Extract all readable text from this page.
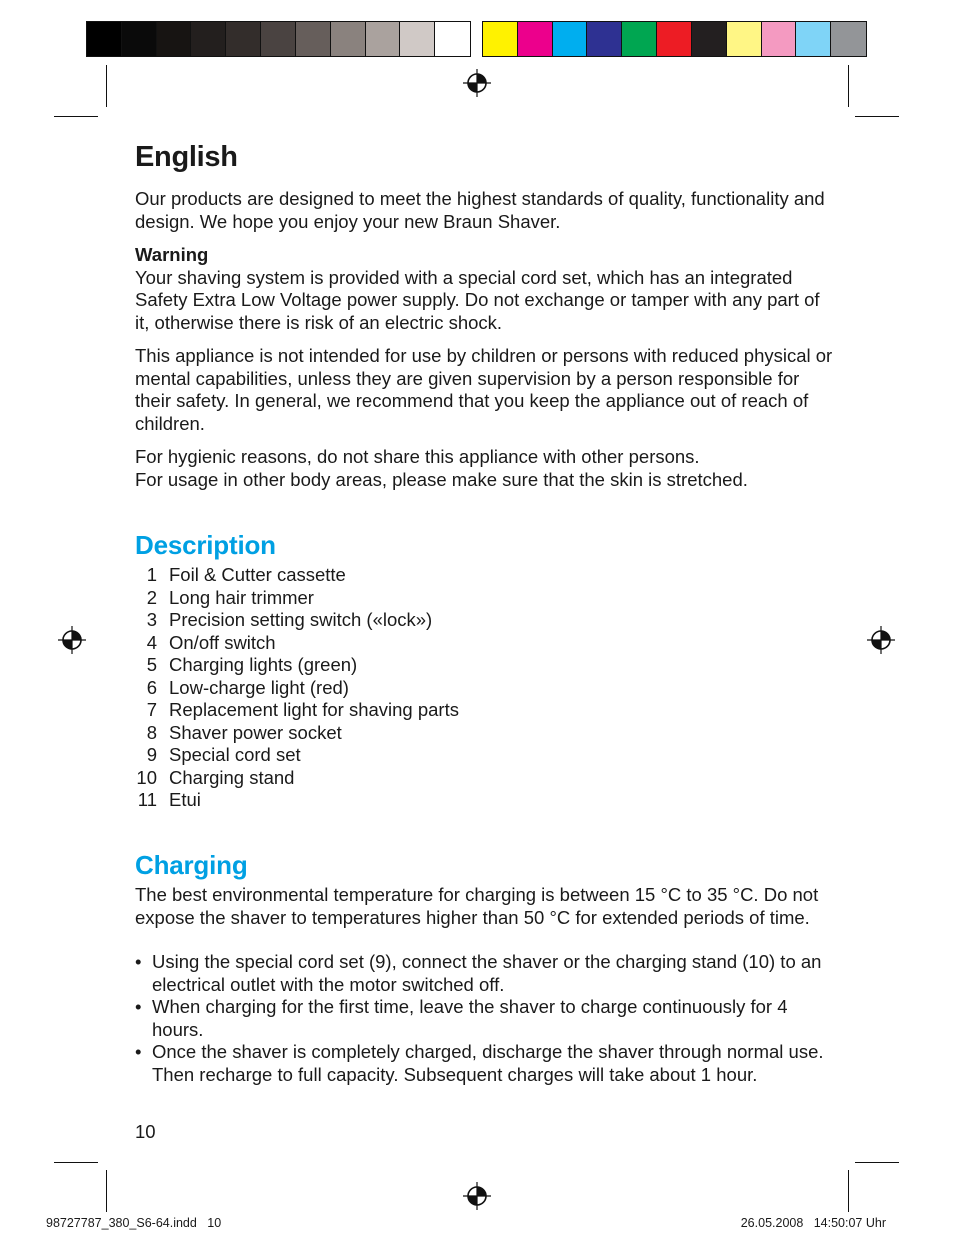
English

Our products are designed to meet the highest standards of quality, functionality and design. We hope you enjoy your new Braun Shaver.

Warning
Your shaving system is provided with a special cord set, which has an integrated Safety Extra Low Voltage power supply. Do not exchange or tamper with any part of it, otherwise there is risk of an electric shock.

This appliance is not intended for use by children or persons with reduced physical or mental capabilities, unless they are given supervision by a person responsible for their safety. In general, we recommend that you keep the appliance out of reach of children.

For hygienic reasons, do not share this appliance with other persons.
For usage in other body areas, please make sure that the skin is stretched.
Description
1 Foil & Cutter cassette
2 Long hair trimmer
3 Precision setting switch («lock»)
4 On/off switch
5 Charging lights (green)
6 Low-charge light (red)
7 Replacement light for shaving parts
8 Shaver power socket
9 Special cord set
10 Charging stand
11 Etui
Charging

The best environmental temperature for charging is between 15 °C to 35 °C. Do not expose the shaver to temperatures higher than 50 °C for extended periods of time.

• Using the special cord set (9), connect the shaver or the charging stand (10) to an electrical outlet with the motor switched off.
• When charging for the first time, leave the shaver to charge continuously for 4 hours.
• Once the shaver is completely charged, discharge the shaver through normal use. Then recharge to full capacity. Subsequent charges will take about 1 hour.
10
98727787_380_S6-64.indd   10	26.05.2008   14:50:07 Uhr
